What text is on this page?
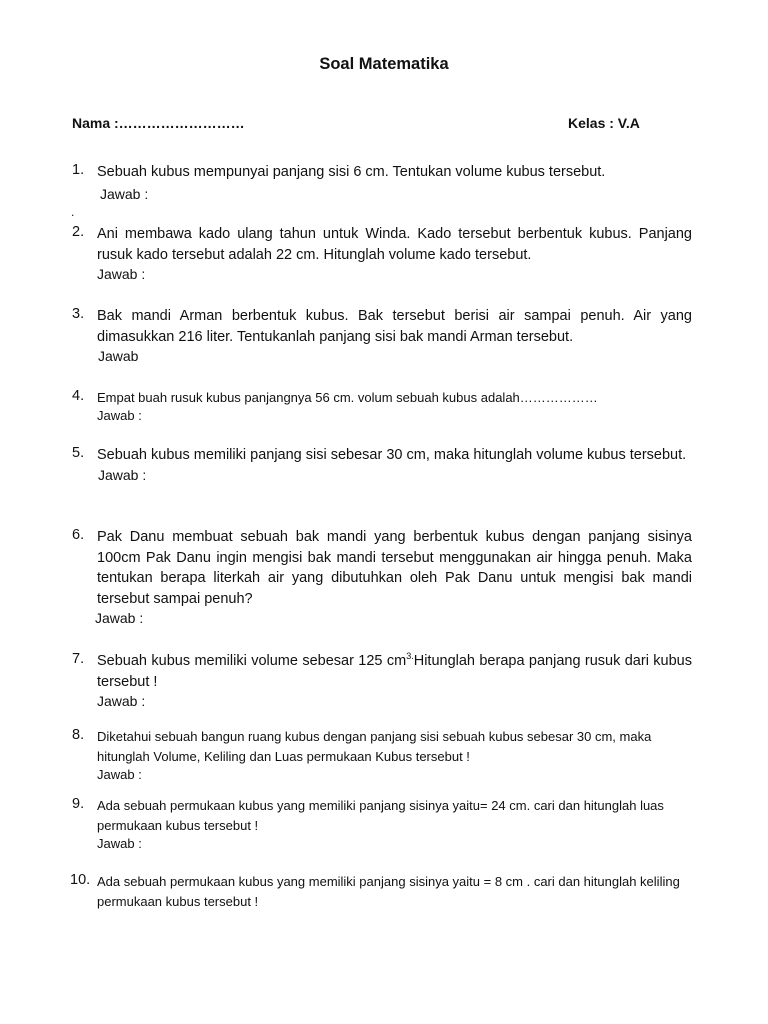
Soal Matematika
Nama :………………………	Kelas : V.A
.
1. Sebuah kubus mempunyai panjang sisi 6 cm. Tentukan volume kubus tersebut.
Jawab :
2. Ani membawa kado ulang tahun untuk Winda. Kado tersebut berbentuk kubus. Panjang rusuk kado tersebut adalah 22 cm. Hitunglah volume kado tersebut.
Jawab :
3. Bak mandi Arman berbentuk kubus. Bak tersebut berisi air sampai penuh. Air yang dimasukkan 216 liter. Tentukanlah panjang sisi bak mandi Arman tersebut.
Jawab
4. Empat buah rusuk kubus panjangnya 56 cm. volum sebuah kubus adalah………………
Jawab :
5. Sebuah kubus memiliki panjang sisi sebesar 30 cm, maka hitunglah volume kubus tersebut.
Jawab :
6. Pak Danu membuat sebuah bak mandi yang berbentuk kubus dengan panjang sisinya 100cm Pak Danu ingin mengisi bak mandi tersebut menggunakan air hingga penuh. Maka tentukan berapa literkah air yang dibutuhkan oleh Pak Danu untuk mengisi bak mandi tersebut sampai penuh?
Jawab :
7. Sebuah kubus memiliki volume sebesar 125 $cm^{3.}Hitunglah$ berapa panjang rusuk dari kubus tersebut !
Jawab :
8. Diketahui sebuah bangun ruang kubus dengan panjang sisi sebuah kubus sebesar 30 cm, maka hitunglah Volume, Keliling dan Luas permukaan Kubus tersebut !
Jawab :
9. Ada sebuah permukaan kubus yang memiliki panjang sisinya yaitu= 24 cm. cari dan hitunglah luas permukaan kubus tersebut !
Jawab :
10. Ada sebuah permukaan kubus yang memiliki panjang sisinya yaitu = 8 cm . cari dan hitunglah keliling permukaan kubus tersebut !
